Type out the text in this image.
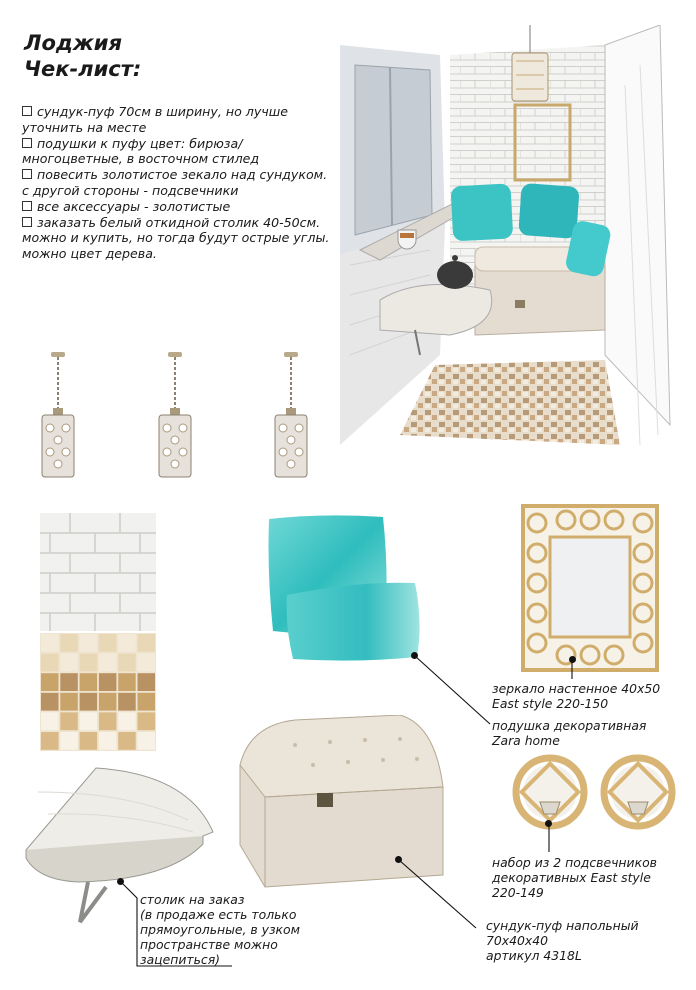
Лоджия
Чек-лист:
сундук-пуф 70см в ширину, но лучше уточнить на месте
подушки к пуфу цвет: бирюза/многоцветные, в восточном стилед
повесить золотистое зекало над сундуком. с другой стороны - подсвечники
все аксессуары - золотистые
заказать белый откидной столик 40-50см. можно и купить, но тогда будут острые углы. можно цвет дерева.
зеркало настенное 40х50
East style 220-150
подушка декоративная
Zara home
набор из 2 подсвечников
декоративных East style
220-149
сундук-пуф напольный
70х40х40
артикул 4318L
столик на заказ
(в продаже есть только
прямоугольные, в узком
пространстве можно
зацепиться)
